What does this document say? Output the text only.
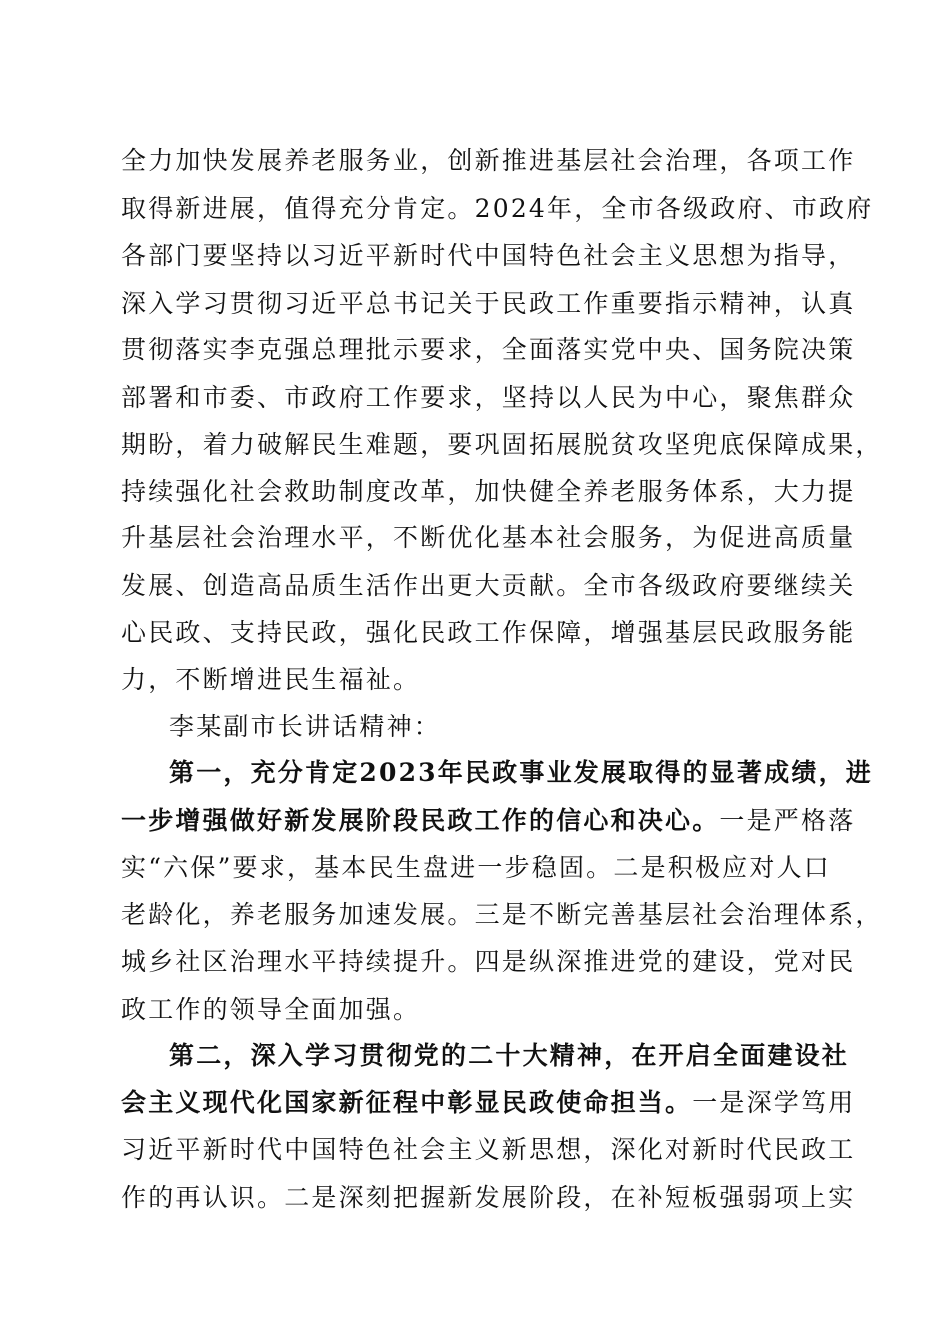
全力加快发展养老服务业，创新推进基层社会治理，各项工作
取得新进展，值得充分肯定。2024年，全市各级政府、市政府
各部门要坚持以习近平新时代中国特色社会主义思想为指导，
深入学习贯彻习近平总书记关于民政工作重要指示精神，认真
贯彻落实李克强总理批示要求，全面落实党中央、国务院决策
部署和市委、市政府工作要求，坚持以人民为中心，聚焦群众
期盼，着力破解民生难题，要巩固拓展脱贫攻坚兜底保障成果，
持续强化社会救助制度改革，加快健全养老服务体系，大力提
升基层社会治理水平，不断优化基本社会服务，为促进高质量
发展、创造高品质生活作出更大贡献。全市各级政府要继续关
心民政、支持民政，强化民政工作保障，增强基层民政服务能
力，不断增进民生福祉。
李某副市长讲话精神：
第一，充分肯定2023年民政事业发展取得的显著成绩，进
一步增强做好新发展阶段民政工作的信心和决心。一是严格落
实“六保”要求，基本民生盘进一步稳固。二是积极应对人口
老龄化，养老服务加速发展。三是不断完善基层社会治理体系，
城乡社区治理水平持续提升。四是纵深推进党的建设，党对民
政工作的领导全面加强。
第二，深入学习贯彻党的二十大精神，在开启全面建设社
会主义现代化国家新征程中彰显民政使命担当。一是深学笃用
习近平新时代中国特色社会主义新思想，深化对新时代民政工
作的再认识。二是深刻把握新发展阶段，在补短板强弱项上实
